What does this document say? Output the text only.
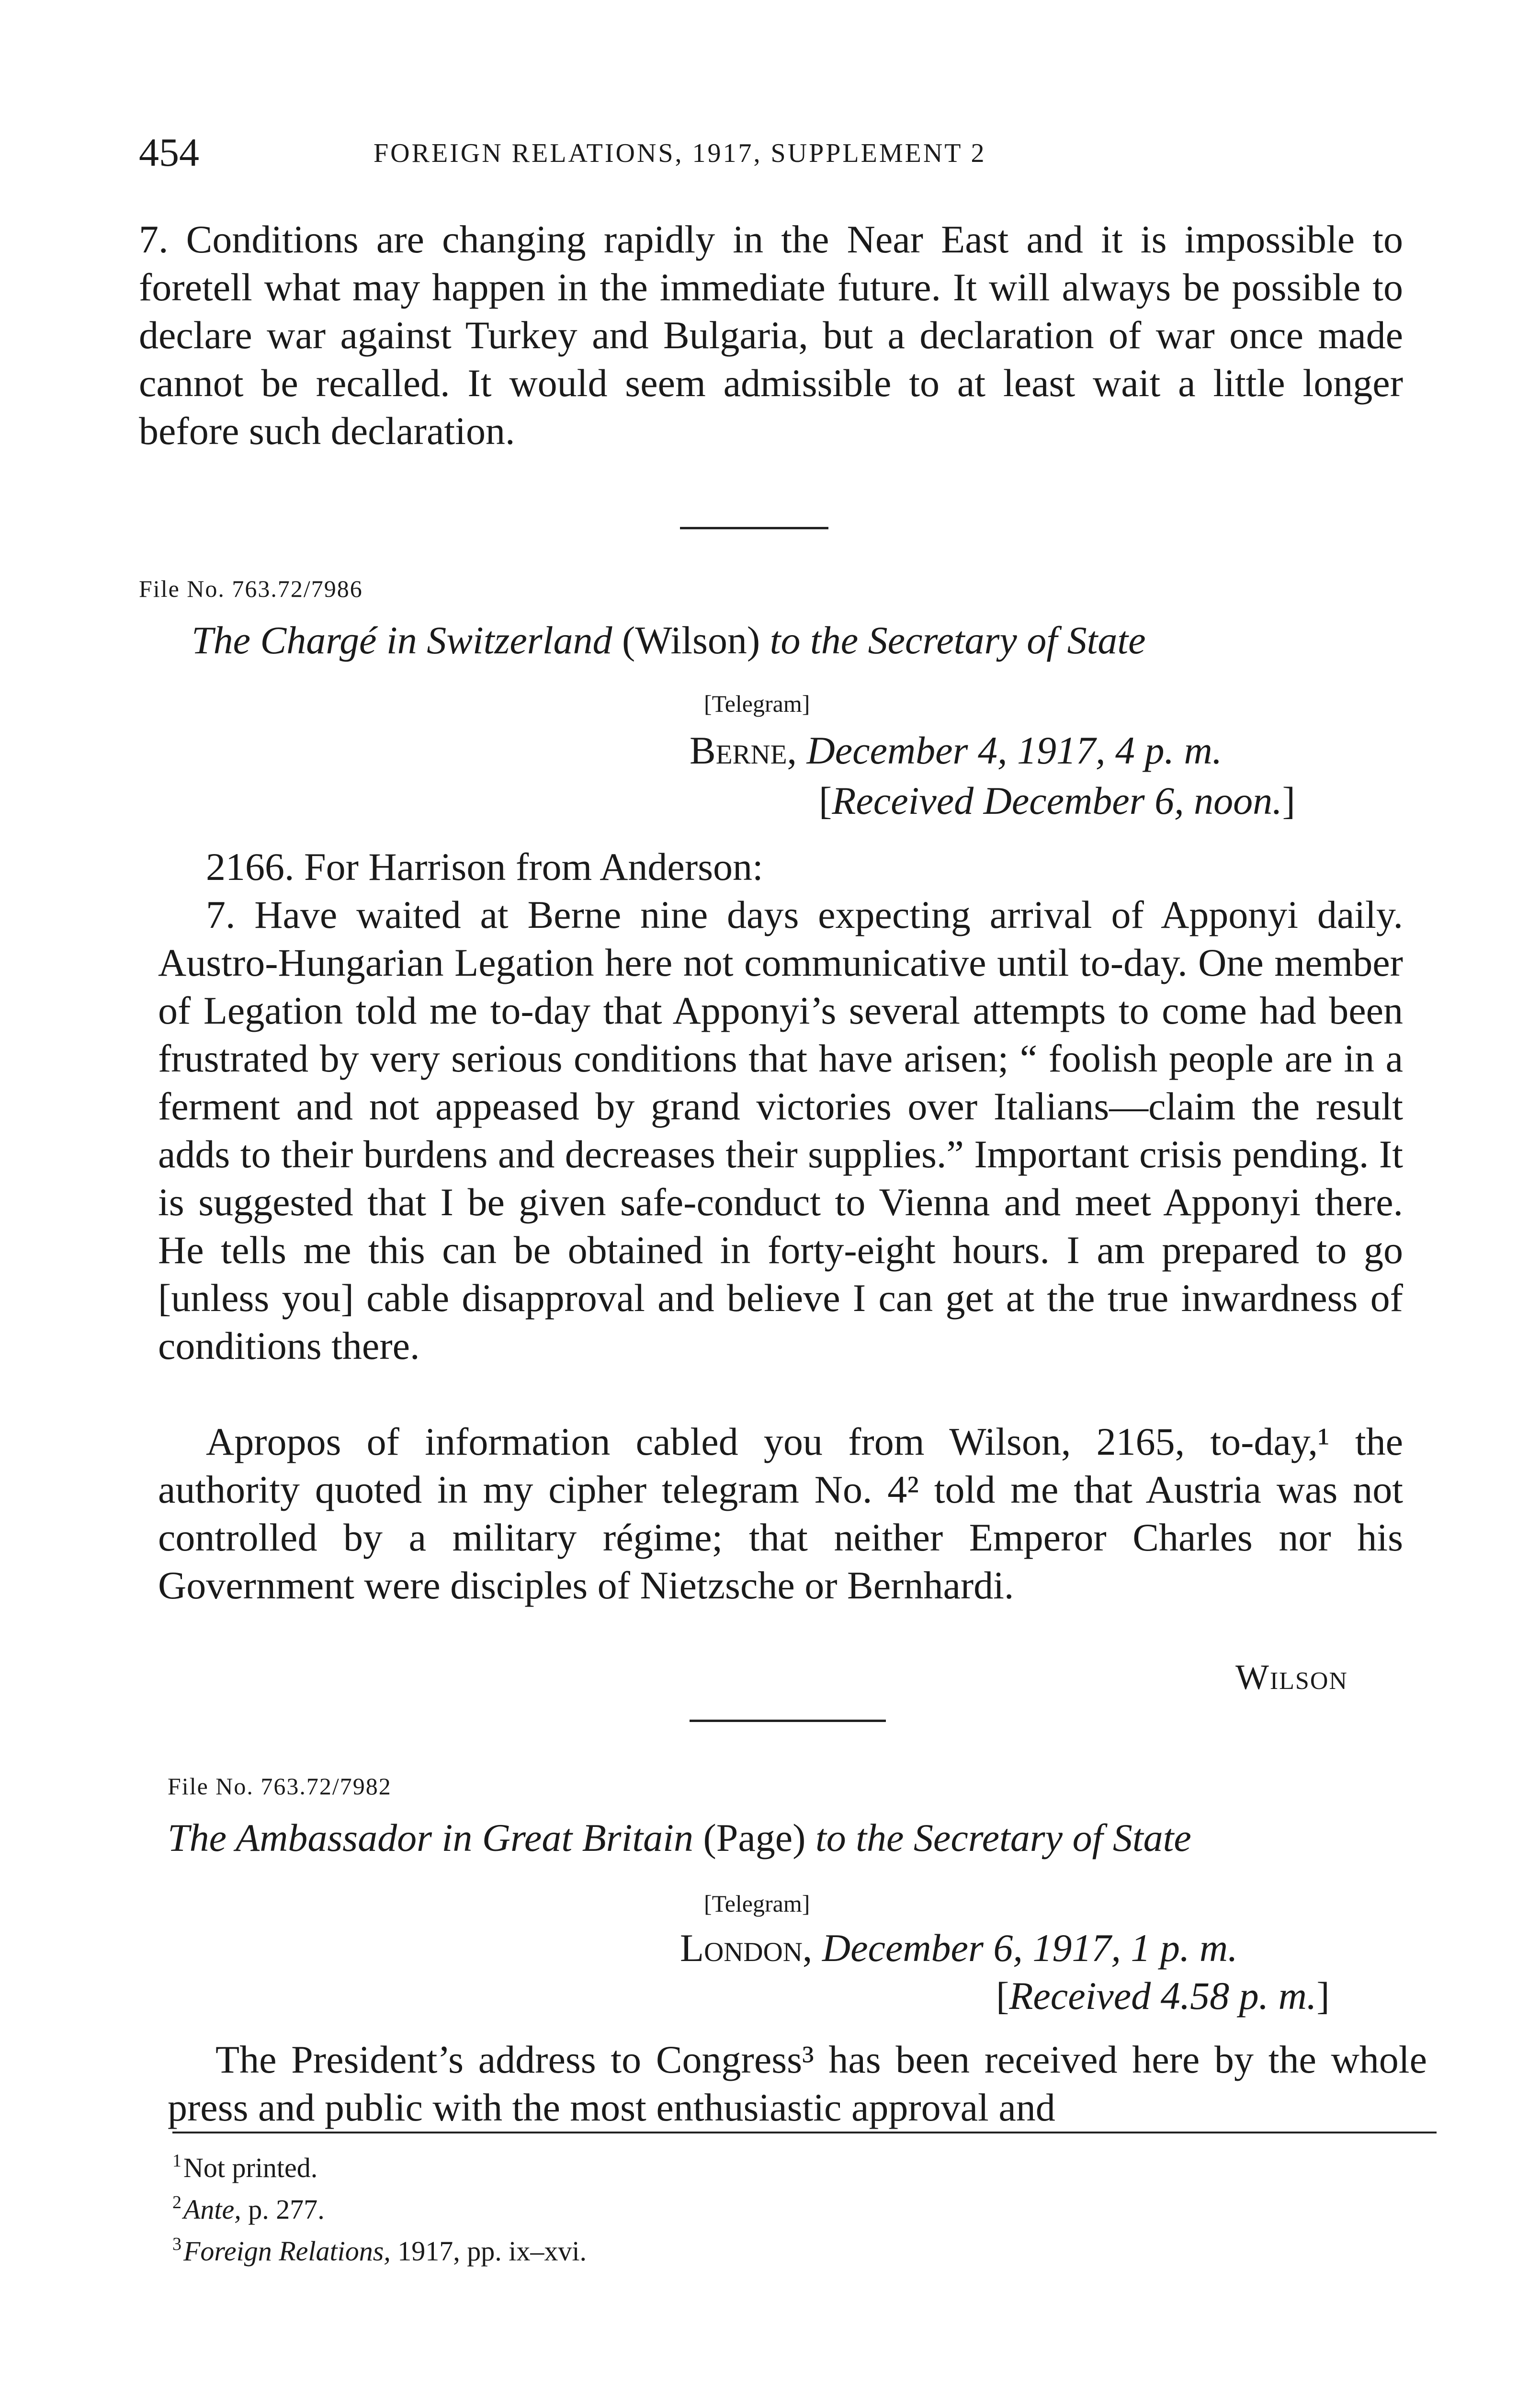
454	FOREIGN RELATIONS, 1917, SUPPLEMENT 2

7. Conditions are changing rapidly in the Near East and it is impossible to foretell what may happen in the immediate future. It will always be possible to declare war against Turkey and Bulgaria, but a declaration of war once made cannot be recalled. It would seem admissible to at least wait a little longer before such declaration.

File No. 763.72/7986
The Chargé in Switzerland (Wilson) to the Secretary of State
[Telegram]
Berne, December 4, 1917, 4 p. m.
[Received December 6, noon.]

2166. For Harrison from Anderson:

7. Have waited at Berne nine days expecting arrival of Apponyi daily. Austro-Hungarian Legation here not communicative until to-day. One member of Legation told me to-day that Apponyi’s several attempts to come had been frustrated by very serious conditions that have arisen; “ foolish people are in a ferment and not appeased by grand victories over Italians—claim the result adds to their burdens and decreases their supplies.” Important crisis pending. It is suggested that I be given safe-conduct to Vienna and meet Apponyi there. He tells me this can be obtained in forty-eight hours. I am prepared to go [unless you] cable disapproval and believe I can get at the true inwardness of conditions there.

Apropos of information cabled you from Wilson, 2165, to-day,¹ the authority quoted in my cipher telegram No. 4² told me that Austria was not controlled by a military régime; that neither Emperor Charles nor his Government were disciples of Nietzsche or Bernhardi.

Wilson
File No. 763.72/7982
The Ambassador in Great Britain (Page) to the Secretary of State
[Telegram]
London, December 6, 1917, 1 p. m.
[Received 4.58 p. m.]

The President’s address to Congress³ has been received here by the whole press and public with the most enthusiastic approval and

$^1$Not printed.
$^2$Ante, p. 277.
$^3$Foreign Relations, 1917, pp. ix–xvi.
